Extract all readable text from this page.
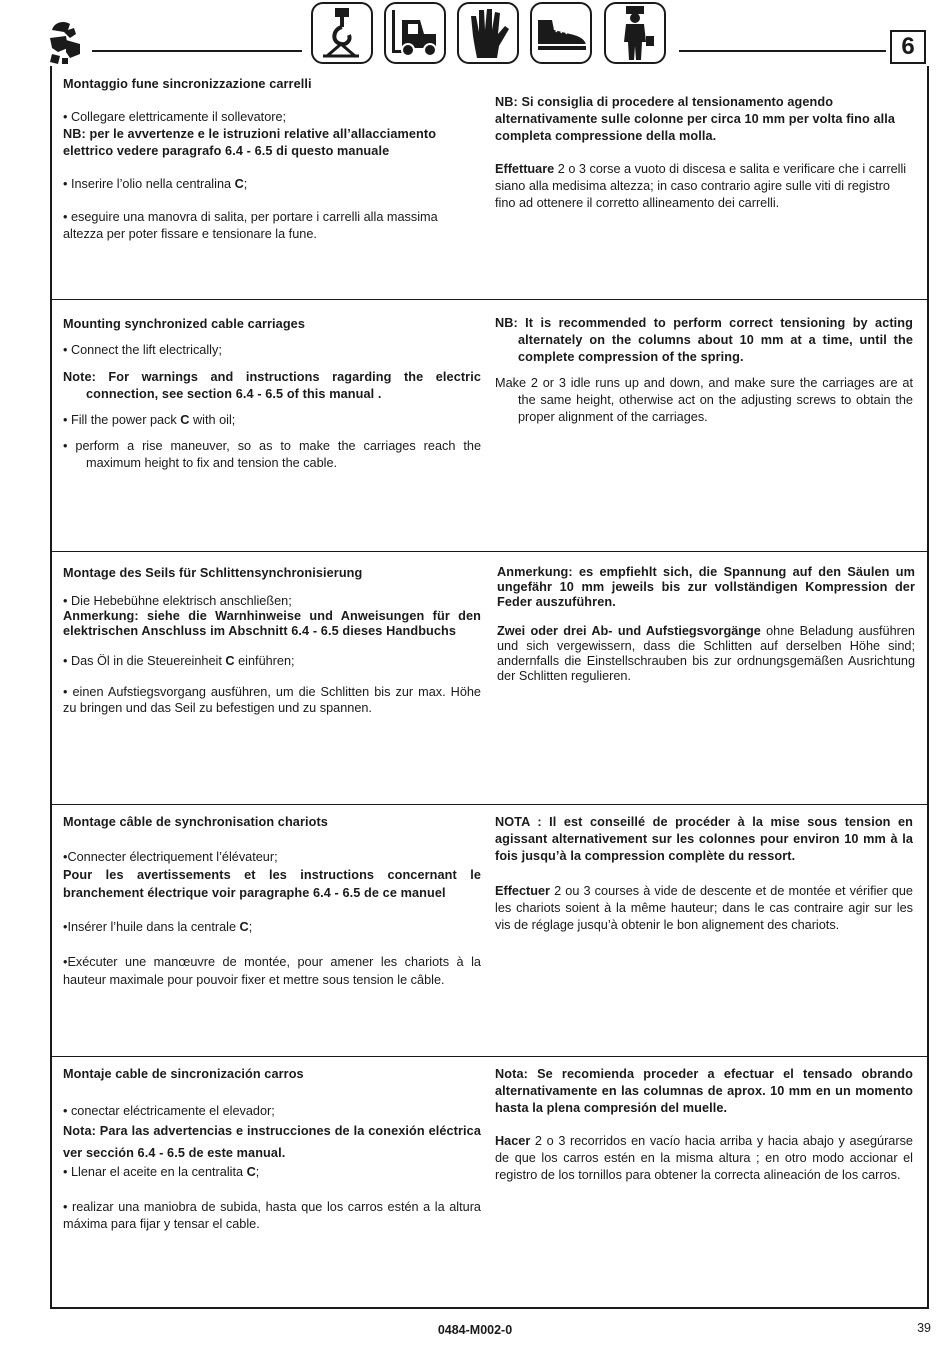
6

Montaggio fune sincronizzazione carrelli

• Collegare elettricamente il sollevatore;

NB: per le avvertenze e le istruzioni relative all’allacciamento elettrico vedere paragrafo 6.4 - 6.5 di questo manuale

• Inserire l’olio nella centralina C;

• eseguire una manovra di salita, per portare i carrelli alla massima altezza per poter fissare e tensionare la fune.

NB: Si consiglia di procedere al tensionamento agendo alternativamente sulle colonne per circa 10 mm per volta fino alla completa compressione della molla.

Effettuare 2 o 3 corse a vuoto di discesa e salita e verificare che i carrelli siano alla medisima altezza; in caso contrario agire sulle viti di registro fino ad ottenere il corretto allineamento dei carrelli.

Mounting synchronized cable carriages

• Connect the lift electrically;

Note: For warnings and instructions ragarding the electric connection, see section 6.4 - 6.5 of this manual .

• Fill the power pack C with oil;

• perform a rise maneuver, so as to make the carriages reach the maximum height to fix and tension the cable.

NB: It is recommended to perform correct tensioning by acting alternately on the columns about 10 mm at a time, until the complete compression of the spring.

Make 2 or 3 idle runs up and down, and make sure the carriages are at the same height, otherwise act on the adjusting screws to obtain the proper alignment of the carriages.

Montage des Seils für Schlittensynchronisierung

• Die Hebebühne elektrisch anschließen;

Anmerkung: siehe die Warnhinweise und Anweisungen für den elektrischen Anschluss im Abschnitt 6.4 - 6.5 dieses Handbuchs

• Das Öl in die Steuereinheit C einführen;

• einen Aufstiegsvorgang ausführen, um die Schlitten bis zur max. Höhe zu bringen und das Seil zu befestigen und zu spannen.

Anmerkung: es empfiehlt sich, die Spannung auf den Säulen um ungefähr 10 mm jeweils bis zur vollständigen Kompression der Feder auszuführen.

Zwei oder drei Ab- und Aufstiegsvorgänge ohne Beladung ausführen und sich vergewissern, dass die Schlitten auf derselben Höhe sind; andernfalls die Einstellschrauben bis zur ordnungsgemäßen Ausrichtung der Schlitten regulieren.

Montage câble de synchronisation chariots

•Connecter électriquement l’élévateur;

Pour les avertissements et les instructions concernant le branchement électrique voir paragraphe 6.4 - 6.5 de ce manuel

•Insérer l’huile dans la centrale C;

•Exécuter une manœuvre de montée, pour amener les chariots à la hauteur maximale pour pouvoir fixer et mettre sous tension le câble.

NOTA : Il est conseillé de procéder à la mise sous tension en agissant alternativement sur les colonnes pour environ 10 mm à la fois jusqu’à la compression complète du ressort.

Effectuer 2 ou 3 courses à vide de descente et de montée et vérifier que les chariots soient à la même hauteur; dans le cas contraire agir sur les vis de réglage jusqu’à obtenir le bon alignement des chariots.

Montaje cable de sincronización carros

• conectar eléctricamente el elevador;

Nota: Para las advertencias e instrucciones de la conexión eléctrica ver sección 6.4 - 6.5 de este manual.

• Llenar el aceite en la centralita C;

• realizar una maniobra de subida, hasta que los carros estén a la altura máxima para fijar y tensar el cable.

Nota: Se recomienda proceder a efectuar el tensado obrando alternativamente en las columnas de aprox. 10 mm en un momento hasta la plena compresión del muelle.

Hacer 2 o 3 recorridos en vacío hacia arriba y hacia abajo y asegúrarse de que los carros estén en la misma altura ; en otro modo accionar el registro de los tornillos para obtener la correcta alineación de los carros.

0484-M002-0	39
